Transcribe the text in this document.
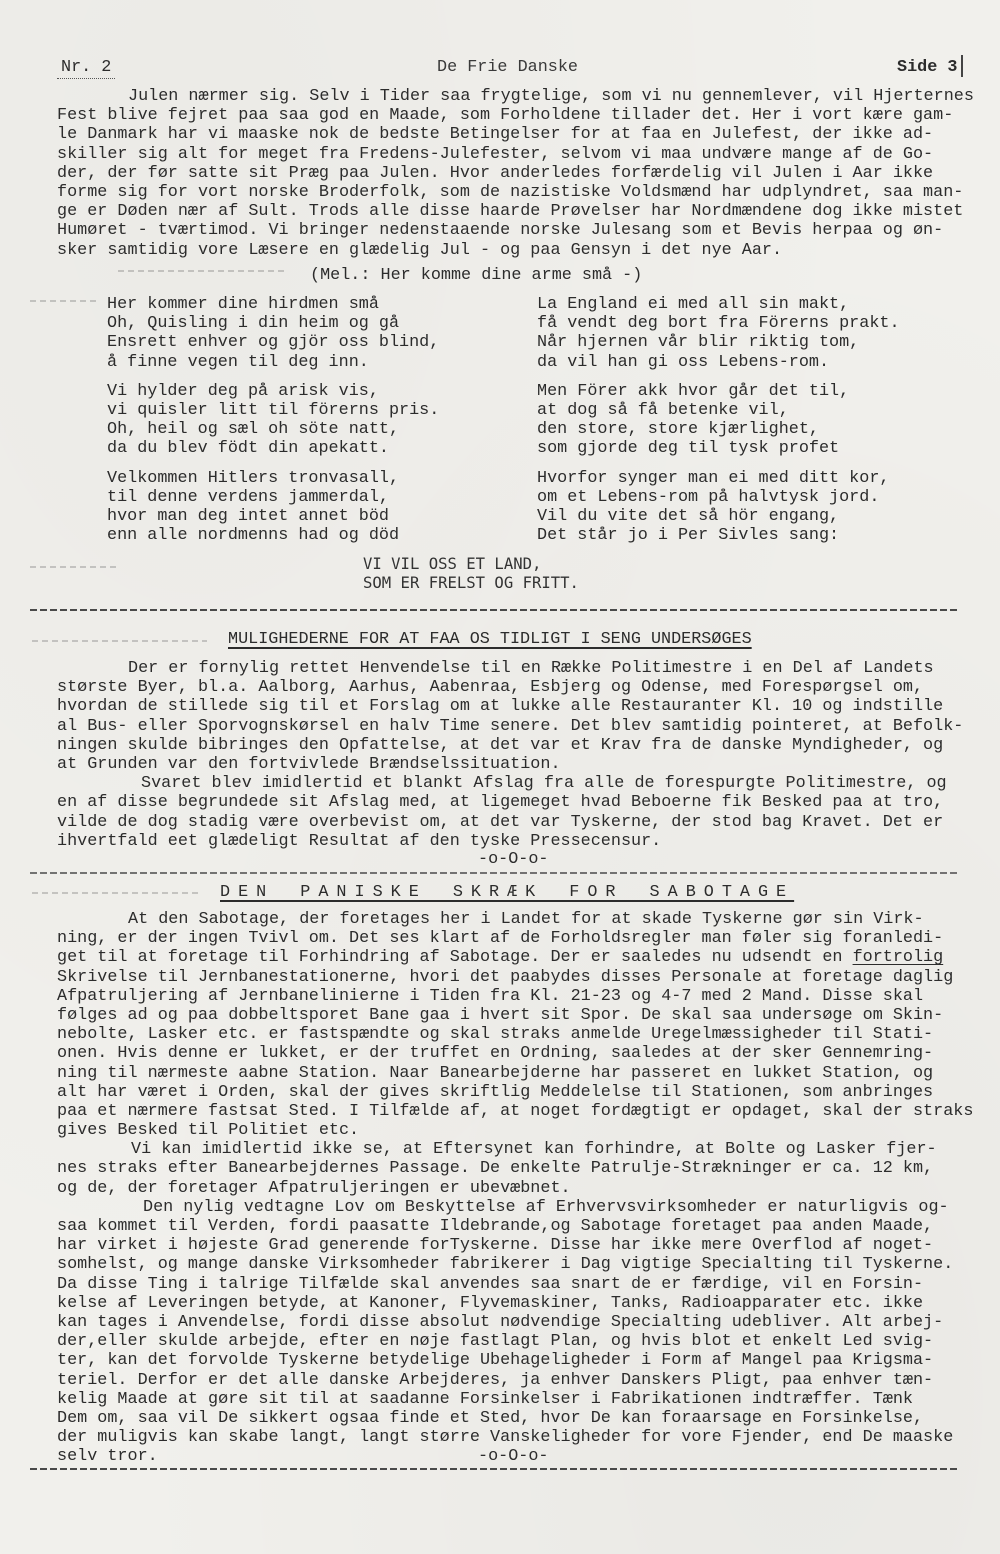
Nr. 2	De Frie Danske	Side 3
Julen nærmer sig. Selv i Tider saa frygtelige, som vi nu gennemlever, vil Hjerternes
Fest blive fejret paa saa god en Maade, som Forholdene tillader det. Her i vort kære gam-
le Danmark har vi maaske nok de bedste Betingelser for at faa en Julefest, der ikke ad-
skiller sig alt for meget fra Fredens-Julefester, selvom vi maa undvære mange af de Go-
der, der før satte sit Præg paa Julen. Hvor anderledes forfærdelig vil Julen i Aar ikke
forme sig for vort norske Broderfolk, som de nazistiske Voldsmænd har udplyndret, saa man-
ge er Døden nær af Sult. Trods alle disse haarde Prøvelser har Nordmændene dog ikke mistet
Humøret - tværtimod. Vi bringer nedenstaaende norske Julesang som et Bevis herpaa og øn-
sker samtidig vore Læsere en glædelig Jul - og paa Gensyn i det nye Aar.
(Mel.: Her komme dine arme små -)
Her kommer dine hirdmen små
Oh, Quisling i din heim og gå
Ensrett enhver og gjör oss blind,
å finne vegen til deg inn.
Vi hylder deg på arisk vis,
vi quisler litt til förerns pris.
Oh, heil og sæl oh söte natt,
da du blev födt din apekatt.
Velkommen Hitlers tronvasall,
til denne verdens jammerdal,
hvor man deg intet annet böd
enn alle nordmenns had og död
La England ei med all sin makt,
få vendt deg bort fra Förerns prakt.
Når hjernen vår blir riktig tom,
da vil han gi oss Lebens-rom.
Men Förer akk hvor går det til,
at dog så få betenke vil,
den store, store kjærlighet,
som gjorde deg til tysk profet
Hvorfor synger man ei med ditt kor,
om et Lebens-rom på halvtysk jord.
Vil du vite det så hör engang,
Det står jo i Per Sivles sang:
VI VIL OSS ET LAND,
SOM ER FRELST OG FRITT.
MULIGHEDERNE FOR AT FAA OS TIDLIGT I SENG UNDERSØGES
Der er fornylig rettet Henvendelse til en Række Politimestre i en Del af Landets
største Byer, bl.a. Aalborg, Aarhus, Aabenraa, Esbjerg og Odense, med Forespørgsel om,
hvordan de stillede sig til et Forslag om at lukke alle Restauranter Kl. 10 og indstille
al Bus- eller Sporvognskørsel en halv Time senere. Det blev samtidig pointeret, at Befolk-
ningen skulde bibringes den Opfattelse, at det var et Krav fra de danske Myndigheder, og
at Grunden var den fortvivlede Brændselssituation.
Svaret blev imidlertid et blankt Afslag fra alle de forespurgte Politimestre, og
en af disse begrundede sit Afslag med, at ligemeget hvad Beboerne fik Besked paa at tro,
vilde de dog stadig være overbevist om, at det var Tyskerne, der stod bag Kravet. Det er
ihvertfald eet glædeligt Resultat af den tyske Pressecensur.
-o-O-o-
DEN PANISKE SKRÆK FOR SABOTAGE
At den Sabotage, der foretages her i Landet for at skade Tyskerne gør sin Virk-
ning, er der ingen Tvivl om. Det ses klart af de Forholdsregler man føler sig foranledi-
get til at foretage til Forhindring af Sabotage. Der er saaledes nu udsendt en fortrolig
Skrivelse til Jernbanestationerne, hvori det paabydes disses Personale at foretage daglig
Afpatruljering af Jernbanelinierne i Tiden fra Kl. 21-23 og 4-7 med 2 Mand. Disse skal
følges ad og paa dobbeltsporet Bane gaa i hvert sit Spor. De skal saa undersøge om Skin-
nebolte, Lasker etc. er fastspændte og skal straks anmelde Uregelmæssigheder til Stati-
onen. Hvis denne er lukket, er der truffet en Ordning, saaledes at der sker Gennemring-
ning til nærmeste aabne Station. Naar Banearbejderne har passeret en lukket Station, og
alt har været i Orden, skal der gives skriftlig Meddelelse til Stationen, som anbringes
paa et nærmere fastsat Sted. I Tilfælde af, at noget fordægtigt er opdaget, skal der straks
gives Besked til Politiet etc.
Vi kan imidlertid ikke se, at Eftersynet kan forhindre, at Bolte og Lasker fjer-
nes straks efter Banearbejdernes Passage. De enkelte Patrulje-Strækninger er ca. 12 km,
og de, der foretager Afpatruljeringen er ubevæbnet.
Den nylig vedtagne Lov om Beskyttelse af Erhvervsvirksomheder er naturligvis og-
saa kommet til Verden, fordi paasatte Ildebrande,og Sabotage foretaget paa anden Maade,
har virket i højeste Grad generende forTyskerne. Disse har ikke mere Overflod af noget-
somhelst, og mange danske Virksomheder fabrikerer i Dag vigtige Specialting til Tyskerne.
Da disse Ting i talrige Tilfælde skal anvendes saa snart de er færdige, vil en Forsin-
kelse af Leveringen betyde, at Kanoner, Flyvemaskiner, Tanks, Radioapparater etc. ikke
kan tages i Anvendelse, fordi disse absolut nødvendige Specialting udebliver. Alt arbej-
der,eller skulde arbejde, efter en nøje fastlagt Plan, og hvis blot et enkelt Led svig-
ter, kan det forvolde Tyskerne betydelige Ubehageligheder i Form af Mangel paa Krigsma-
teriel. Derfor er det alle danske Arbejderes, ja enhver Danskers Pligt, paa enhver tæn-
kelig Maade at gøre sit til at saadanne Forsinkelser i Fabrikationen indtræffer. Tænk
Dem om, saa vil De sikkert ogsaa finde et Sted, hvor De kan foraarsage en Forsinkelse,
der muligvis kan skabe langt, langt større Vanskeligheder for vore Fjender, end De maaske
selv tror.	-o-O-o-
